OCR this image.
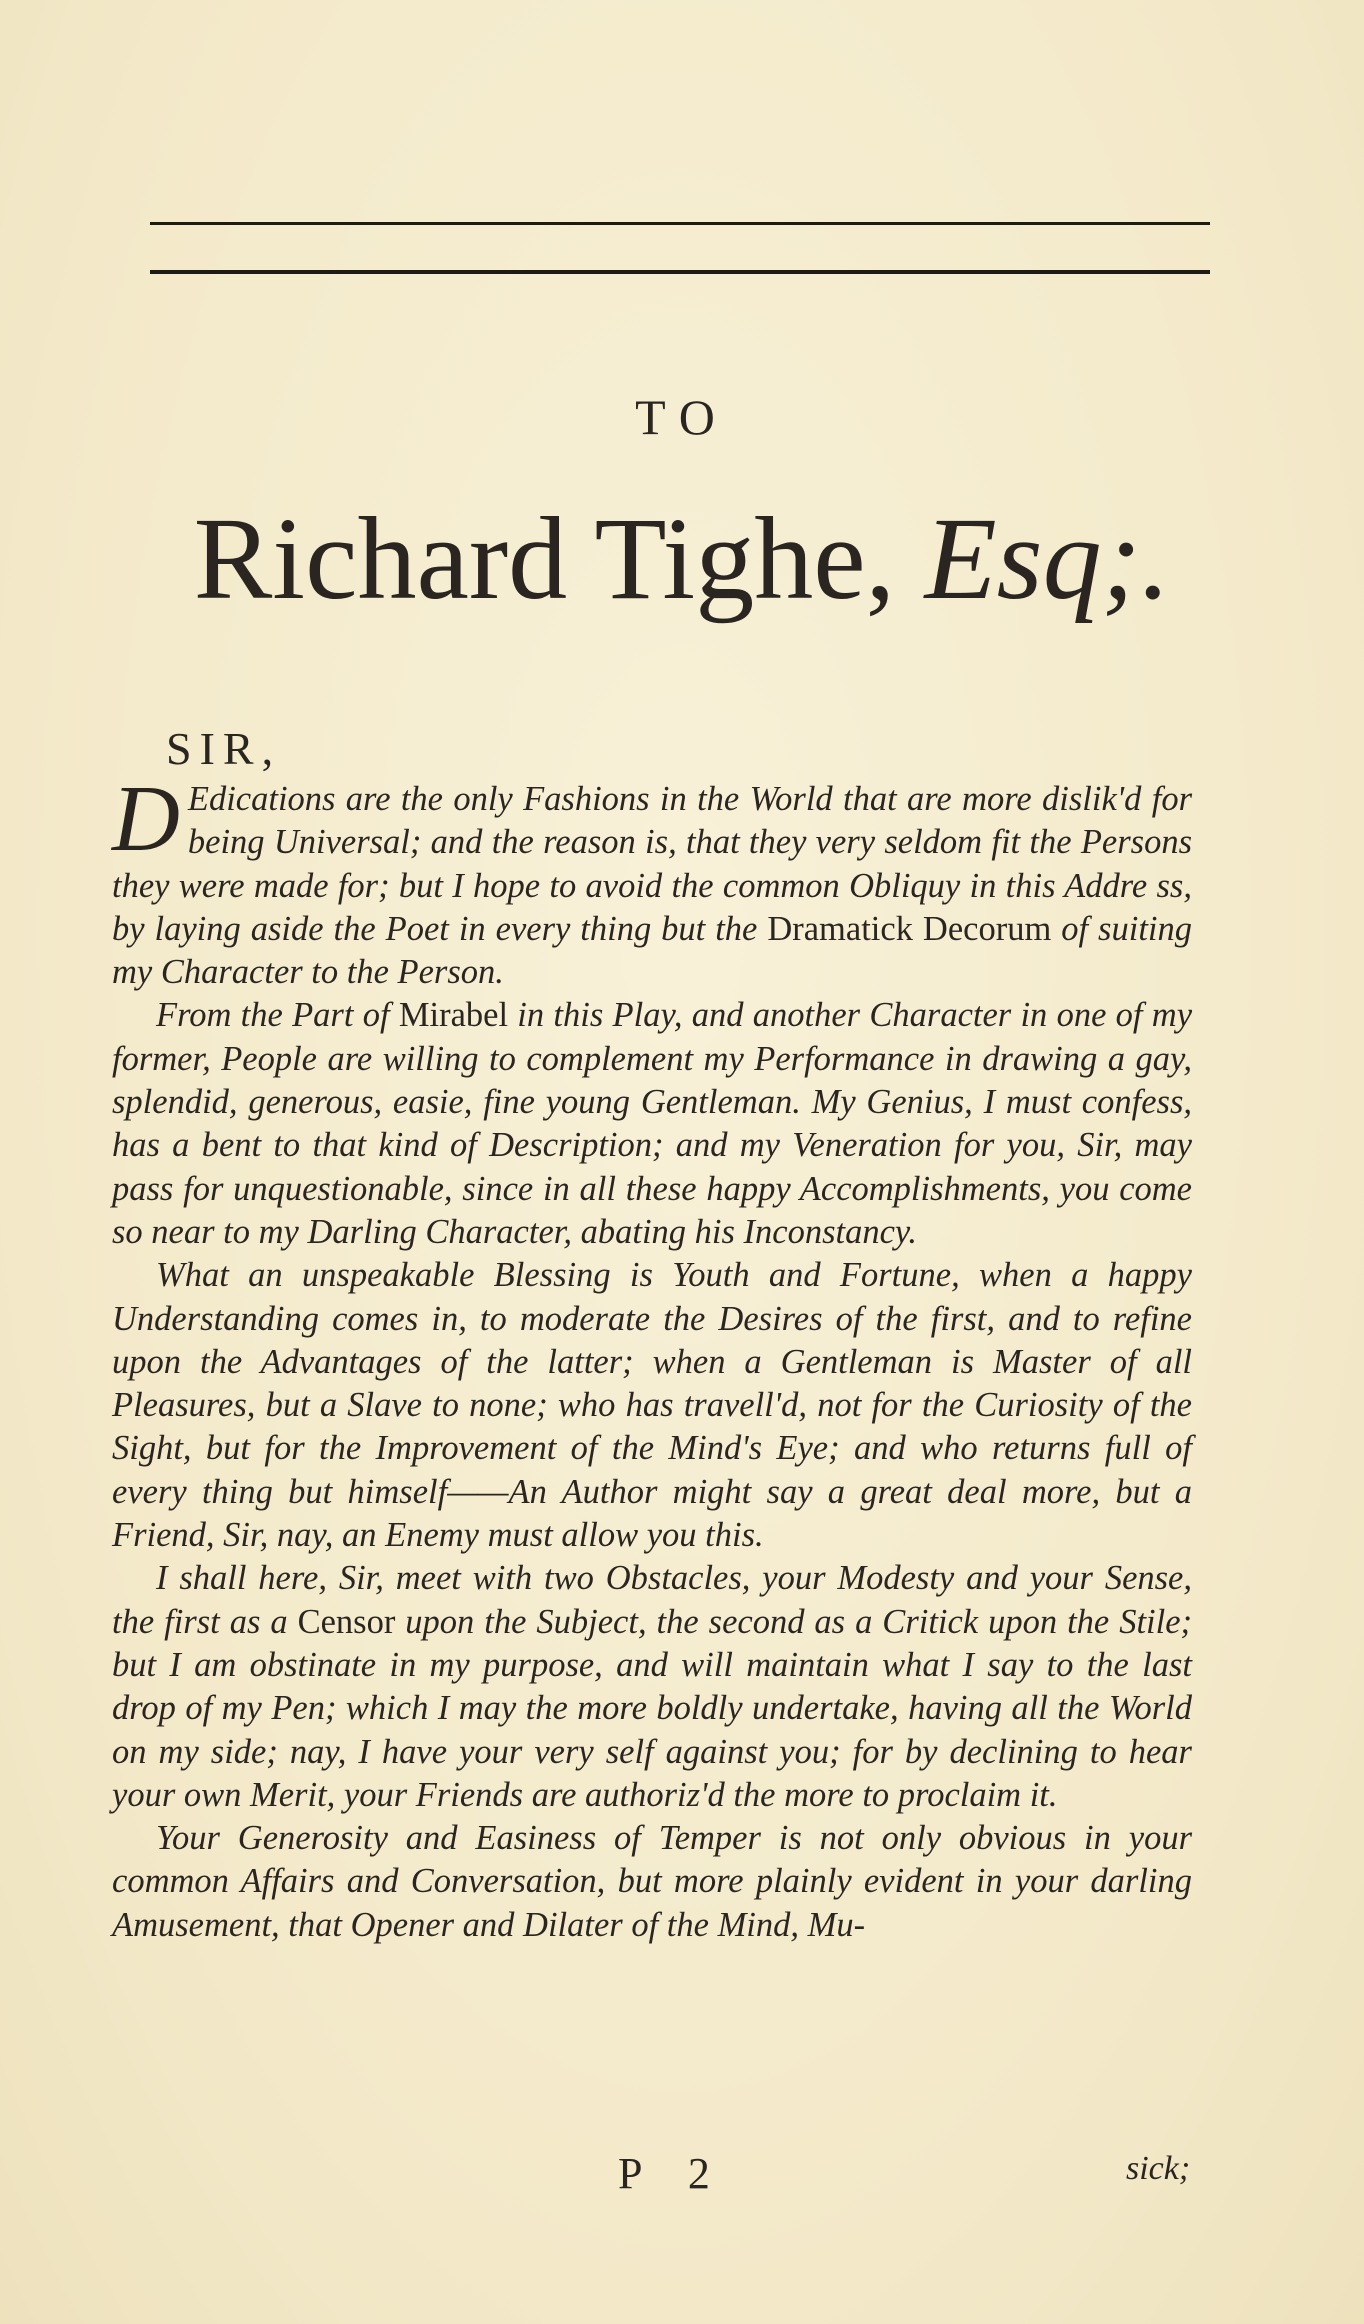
TO
Richard Tighe, Esq;.
SIR,

D Edications are the only Fashions in the World that are more dislik'd for being Universal; and the reason is, that they very seldom fit the Persons they were made for; but I hope to avoid the common Obliquy in this Addre ss, by laying aside the Poet in every thing but the Dramatick Decorum of suiting my Character to the Person.

From the Part of Mirabel in this Play, and another Character in one of my former, People are willing to complement my Performance in drawing a gay, splendid, generous, easie, fine young Gentleman. My Genius, I must confess, has a bent to that kind of Description; and my Veneration for you, Sir, may pass for unquestionable, since in all these happy Accomplishments, you come so near to my Darling Character, abating his Inconstancy.

What an unspeakable Blessing is Youth and Fortune, when a happy Understanding comes in, to moderate the Desires of the first, and to refine upon the Advantages of the latter; when a Gentleman is Master of all Pleasures, but a Slave to none; who has travell'd, not for the Curiosity of the Sight, but for the Improvement of the Mind's Eye; and who returns full of every thing but himself——An Author might say a great deal more, but a Friend, Sir, nay, an Enemy must allow you this.

I shall here, Sir, meet with two Obstacles, your Modesty and your Sense, the first as a Censor upon the Subject, the second as a Critick upon the Stile; but I am obstinate in my purpose, and will maintain what I say to the last drop of my Pen; which I may the more boldly undertake, having all the World on my side; nay, I have your very self against you; for by declining to hear your own Merit, your Friends are authoriz'd the more to proclaim it.

Your Generosity and Easiness of Temper is not only obvious in your common Affairs and Conversation, but more plainly evident in your darling Amusement, that Opener and Dilater of the Mind, Mu-

P 2	sick;
